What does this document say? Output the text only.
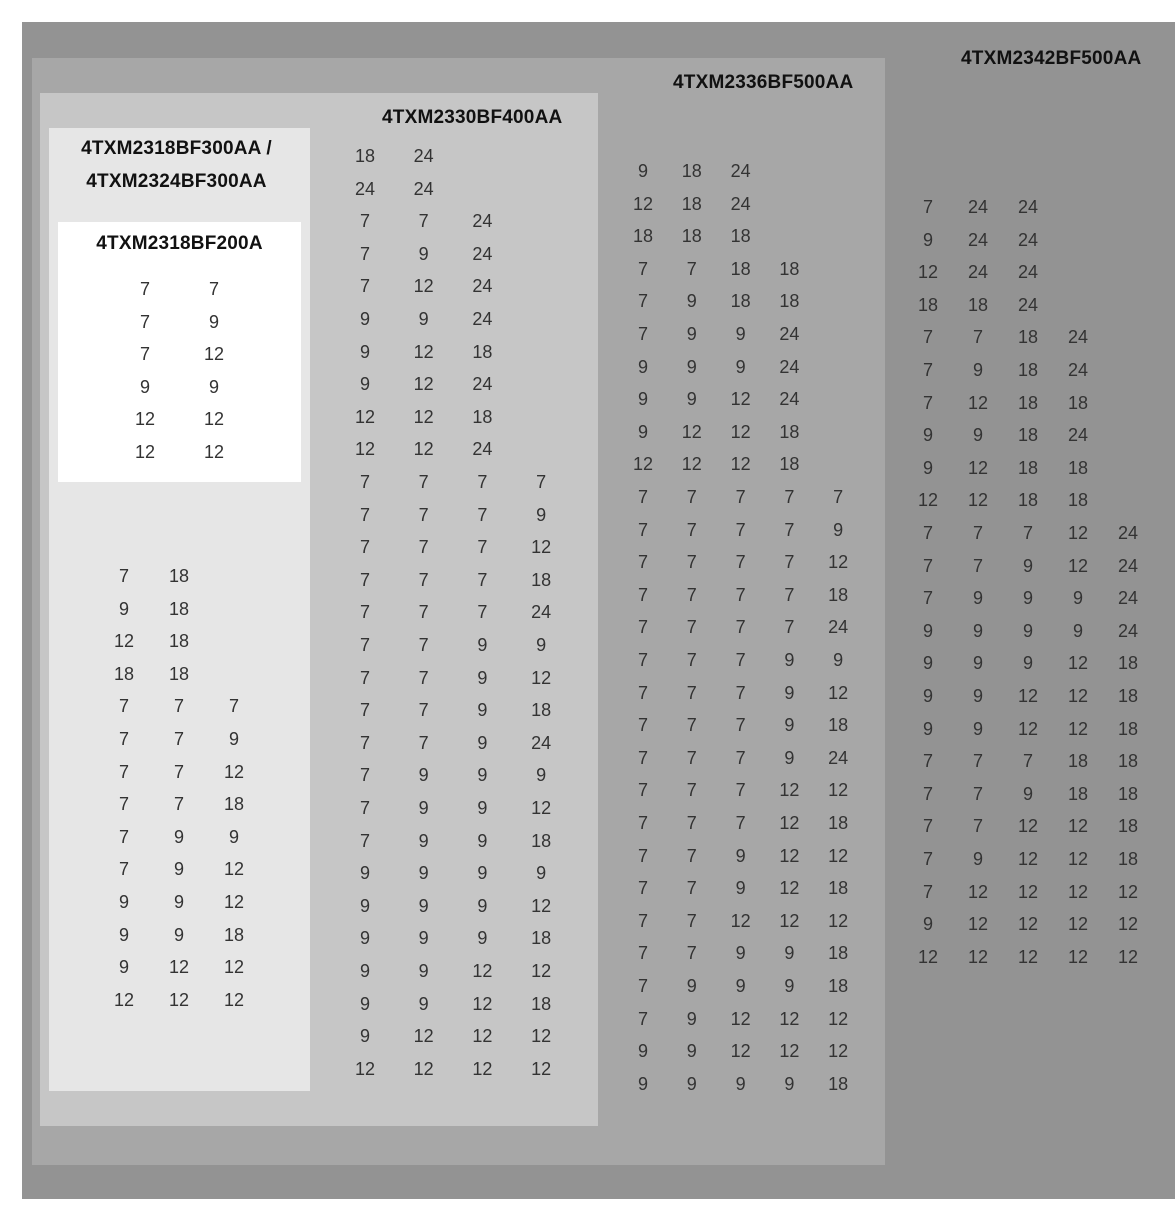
4TXM2342BF500AA
7	24	24
9	24	24
12	24	24
18	18	24
7	7	18	24
7	9	18	24
7	12	18	18
9	9	18	24
9	12	18	18
12	12	18	18
7	7	7	12	24
7	7	9	12	24
7	9	9	9	24
9	9	9	9	24
9	9	9	12	18
9	9	12	12	18
9	9	12	12	18
7	7	7	18	18
7	7	9	18	18
7	7	12	12	18
7	9	12	12	18
7	12	12	12	12
9	12	12	12	12
12	12	12	12	12
4TXM2336BF500AA
9	18	24
12	18	24
18	18	18
7	7	18	18
7	9	18	18
7	9	9	24
9	9	9	24
9	9	12	24
9	12	12	18
12	12	12	18
7	7	7	7	7
7	7	7	7	9
7	7	7	7	12
7	7	7	7	18
7	7	7	7	24
7	7	7	9	9
7	7	7	9	12
7	7	7	9	18
7	7	7	9	24
7	7	7	12	12
7	7	7	12	18
7	7	9	12	12
7	7	9	12	18
7	7	12	12	12
7	7	9	9	18
7	9	9	9	18
7	9	12	12	12
9	9	12	12	12
9	9	9	9	18
4TXM2330BF400AA
18	24
24	24
7	7	24
7	9	24
7	12	24
9	9	24
9	12	18
9	12	24
12	12	18
12	12	24
7	7	7	7
7	7	7	9
7	7	7	12
7	7	7	18
7	7	7	24
7	7	9	9
7	7	9	12
7	7	9	18
7	7	9	24
7	9	9	9
7	9	9	12
7	9	9	18
9	9	9	9
9	9	9	12
9	9	9	18
9	9	12	12
9	9	12	18
9	12	12	12
12	12	12	12
4TXM2318BF300AA /
4TXM2324BF300AA
7	18
9	18
12	18
18	18
7	7	7
7	7	9
7	7	12
7	7	18
7	9	9
7	9	12
9	9	12
9	9	18
9	12	12
12	12	12
4TXM2318BF200A
7	7
7	9
7	12
9	9
12	12
12	12
